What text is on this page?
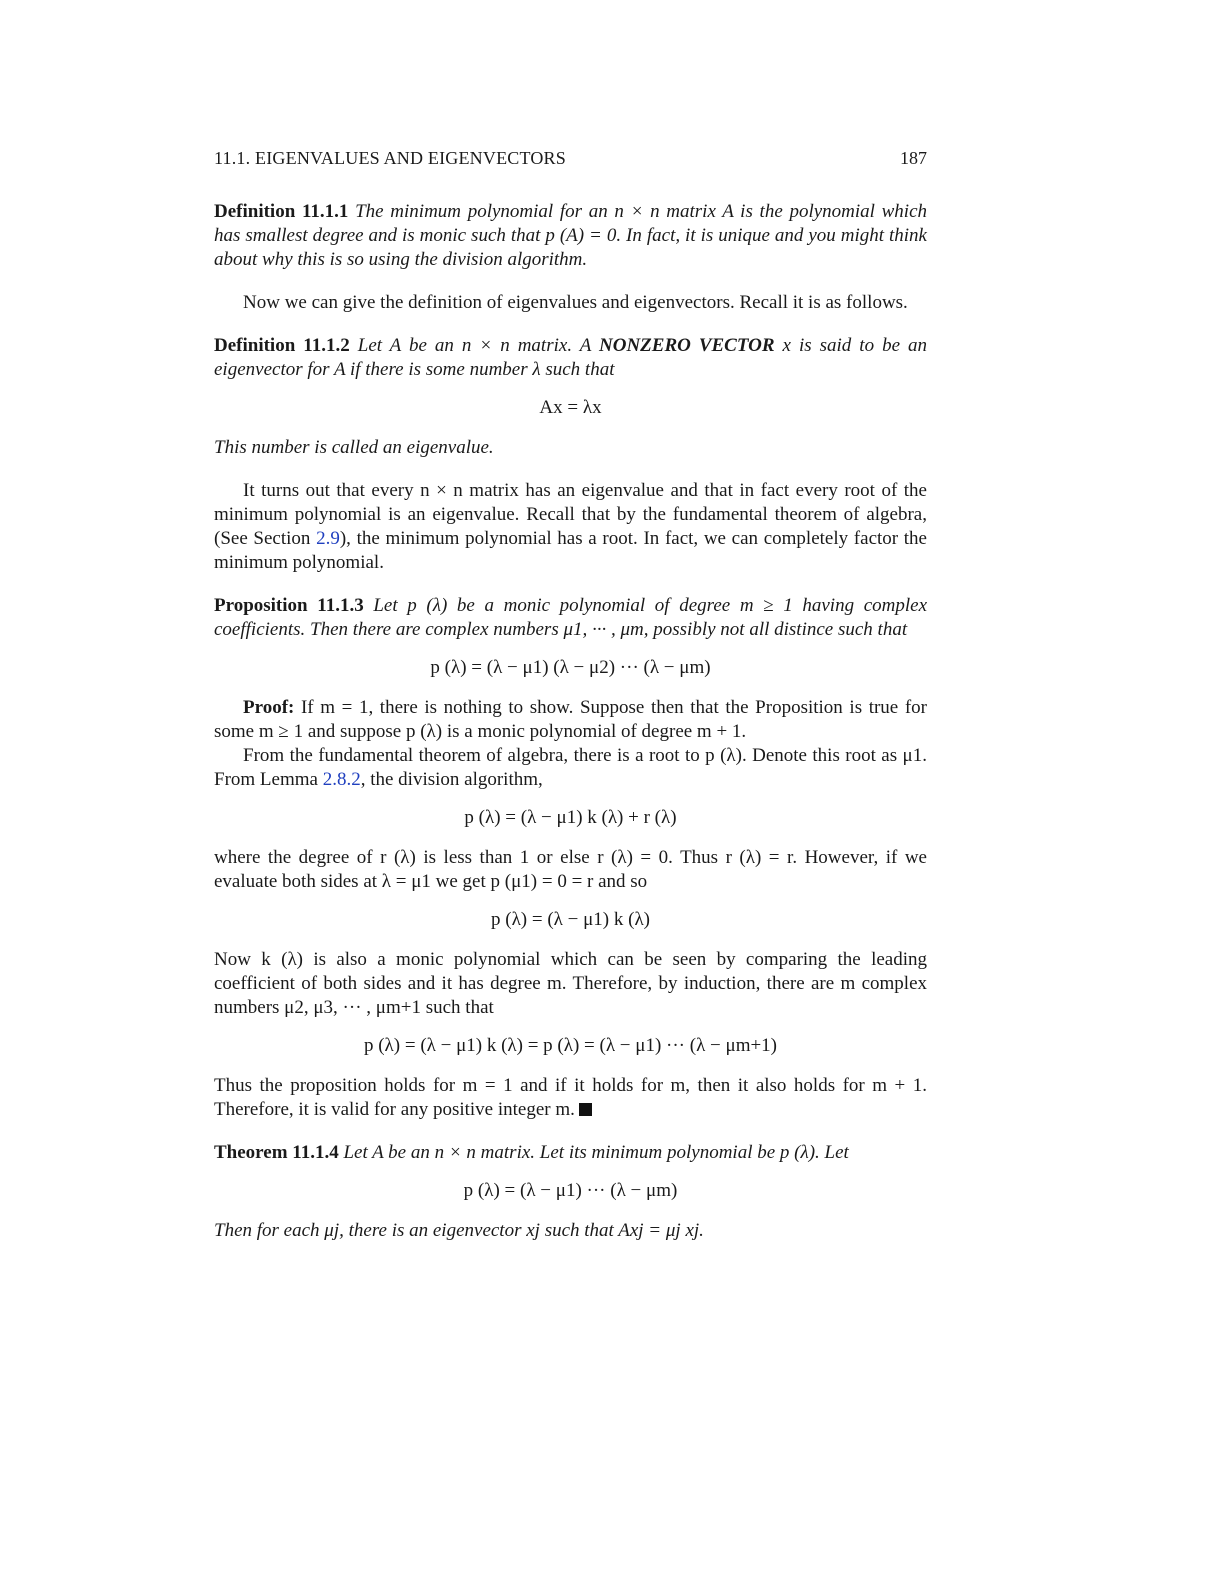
11.1. EIGENVALUES AND EIGENVECTORS	187

Definition 11.1.1 The minimum polynomial for an n × n matrix A is the polynomial which has smallest degree and is monic such that p (A) = 0. In fact, it is unique and you might think about why this is so using the division algorithm.

Now we can give the definition of eigenvalues and eigenvectors. Recall it is as follows.

Definition 11.1.2 Let A be an n × n matrix. A NONZERO VECTOR x is said to be an eigenvector for A if there is some number λ such that

Ax = λx

This number is called an eigenvalue.

It turns out that every n × n matrix has an eigenvalue and that in fact every root of the minimum polynomial is an eigenvalue. Recall that by the fundamental theorem of algebra, (See Section 2.9), the minimum polynomial has a root. In fact, we can completely factor the minimum polynomial.

Proposition 11.1.3 Let p (λ) be a monic polynomial of degree m ≥ 1 having complex coefficients. Then there are complex numbers μ1, ··· , μm, possibly not all distince such that

p (λ) = (λ − μ1) (λ − μ2) ··· (λ − μm)

Proof: If m = 1, there is nothing to show. Suppose then that the Proposition is true for some m ≥ 1 and suppose p (λ) is a monic polynomial of degree m + 1.

From the fundamental theorem of algebra, there is a root to p (λ). Denote this root as μ1. From Lemma 2.8.2, the division algorithm,

p (λ) = (λ − μ1) k (λ) + r (λ)

where the degree of r (λ) is less than 1 or else r (λ) = 0. Thus r (λ) = r. However, if we evaluate both sides at λ = μ1 we get p (μ1) = 0 = r and so

p (λ) = (λ − μ1) k (λ)

Now k (λ) is also a monic polynomial which can be seen by comparing the leading coefficient of both sides and it has degree m. Therefore, by induction, there are m complex numbers μ2, μ3, ··· , μm+1 such that

p (λ) = (λ − μ1) k (λ) = p (λ) = (λ − μ1) ··· (λ − μm+1)

Thus the proposition holds for m = 1 and if it holds for m, then it also holds for m + 1. Therefore, it is valid for any positive integer m.

Theorem 11.1.4 Let A be an n × n matrix. Let its minimum polynomial be p (λ). Let

p (λ) = (λ − μ1) ··· (λ − μm)

Then for each μj, there is an eigenvector xj such that Axj = μj xj.
